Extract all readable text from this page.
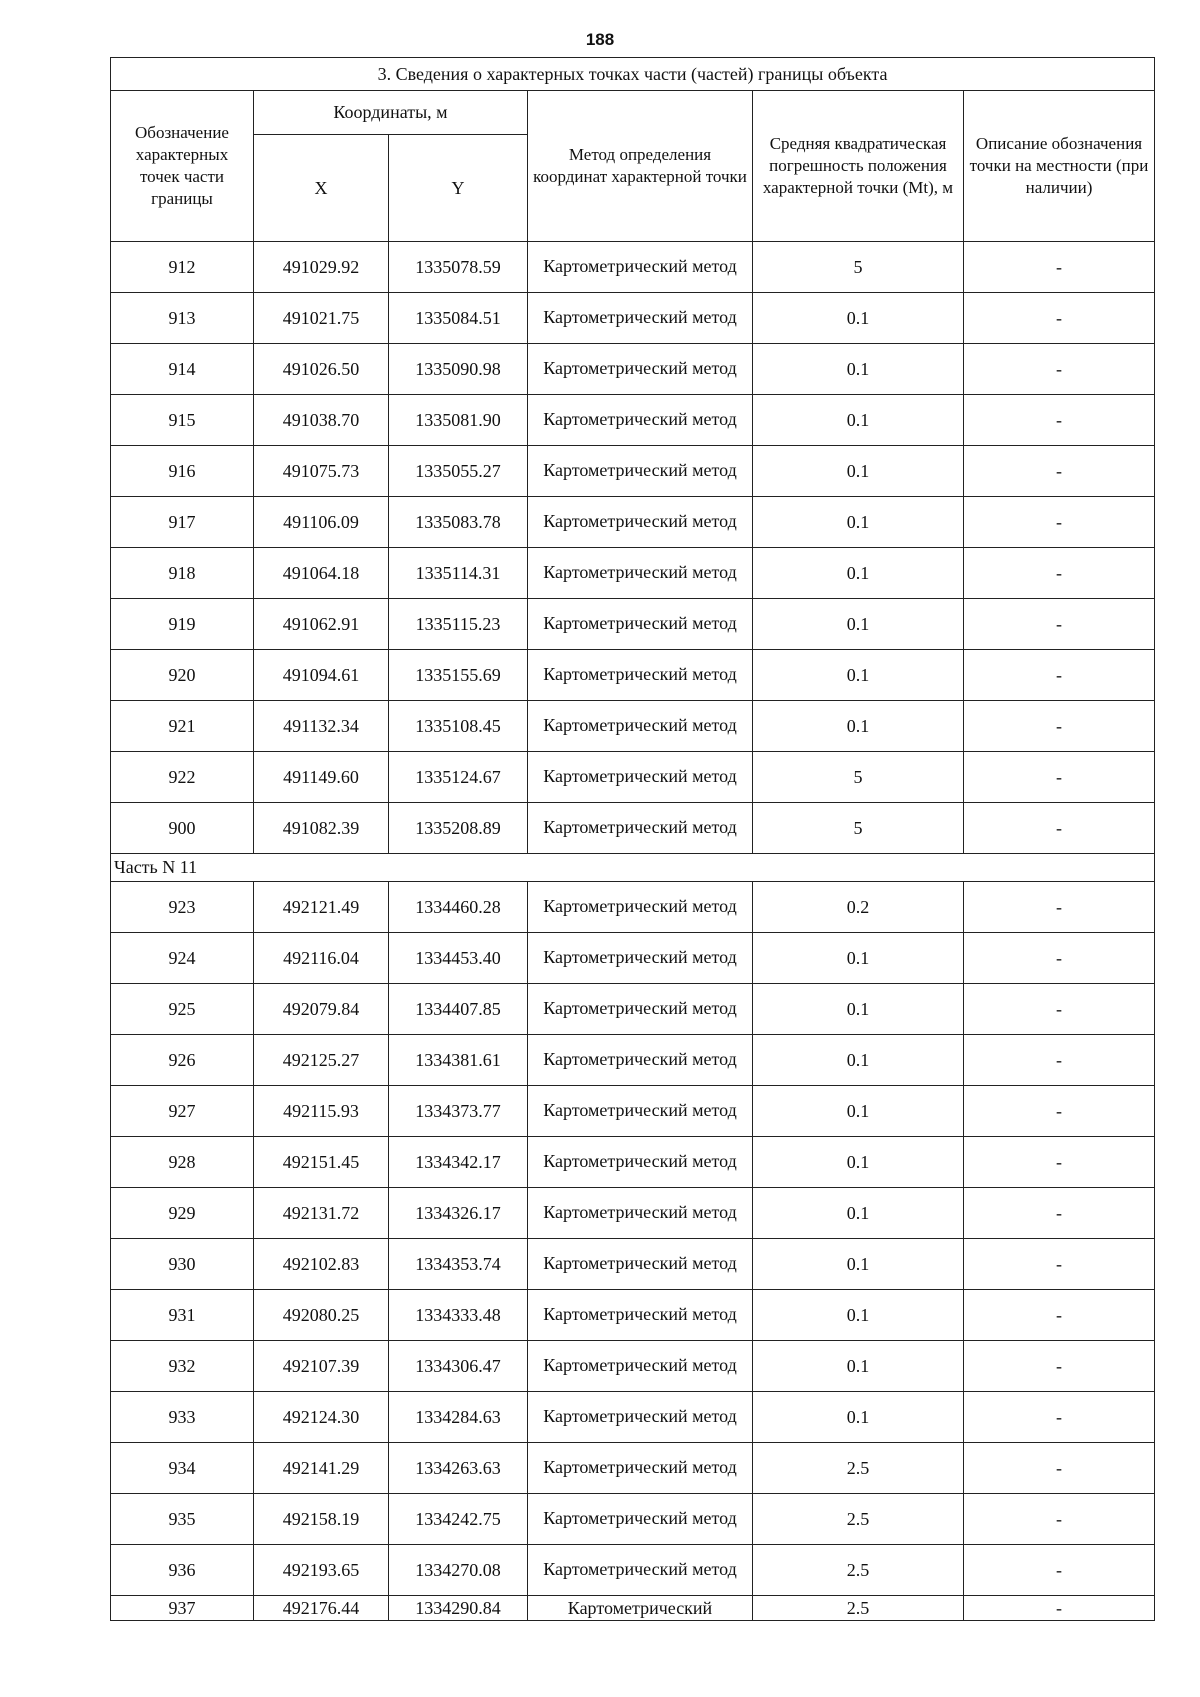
188
3. Сведения о характерных точках части (частей) границы объекта					
Обозначение характерных точек части границы	Координаты, м		Метод определения координат характерной точки	Средняя квадратическая погрешность положения характерной точки (Mt), м	Описание обозначения точки на местности (при наличии)
	X	Y			
912	491029.92	1335078.59	Картометрический метод	5	-
913	491021.75	1335084.51	Картометрический метод	0.1	-
914	491026.50	1335090.98	Картометрический метод	0.1	-
915	491038.70	1335081.90	Картометрический метод	0.1	-
916	491075.73	1335055.27	Картометрический метод	0.1	-
917	491106.09	1335083.78	Картометрический метод	0.1	-
918	491064.18	1335114.31	Картометрический метод	0.1	-
919	491062.91	1335115.23	Картометрический метод	0.1	-
920	491094.61	1335155.69	Картометрический метод	0.1	-
921	491132.34	1335108.45	Картометрический метод	0.1	-
922	491149.60	1335124.67	Картометрический метод	5	-
900	491082.39	1335208.89	Картометрический метод	5	-
Часть N 11					
923	492121.49	1334460.28	Картометрический метод	0.2	-
924	492116.04	1334453.40	Картометрический метод	0.1	-
925	492079.84	1334407.85	Картометрический метод	0.1	-
926	492125.27	1334381.61	Картометрический метод	0.1	-
927	492115.93	1334373.77	Картометрический метод	0.1	-
928	492151.45	1334342.17	Картометрический метод	0.1	-
929	492131.72	1334326.17	Картометрический метод	0.1	-
930	492102.83	1334353.74	Картометрический метод	0.1	-
931	492080.25	1334333.48	Картометрический метод	0.1	-
932	492107.39	1334306.47	Картометрический метод	0.1	-
933	492124.30	1334284.63	Картометрический метод	0.1	-
934	492141.29	1334263.63	Картометрический метод	2.5	-
935	492158.19	1334242.75	Картометрический метод	2.5	-
936	492193.65	1334270.08	Картометрический метод	2.5	-
937	492176.44	1334290.84	Картометрический	2.5	-
